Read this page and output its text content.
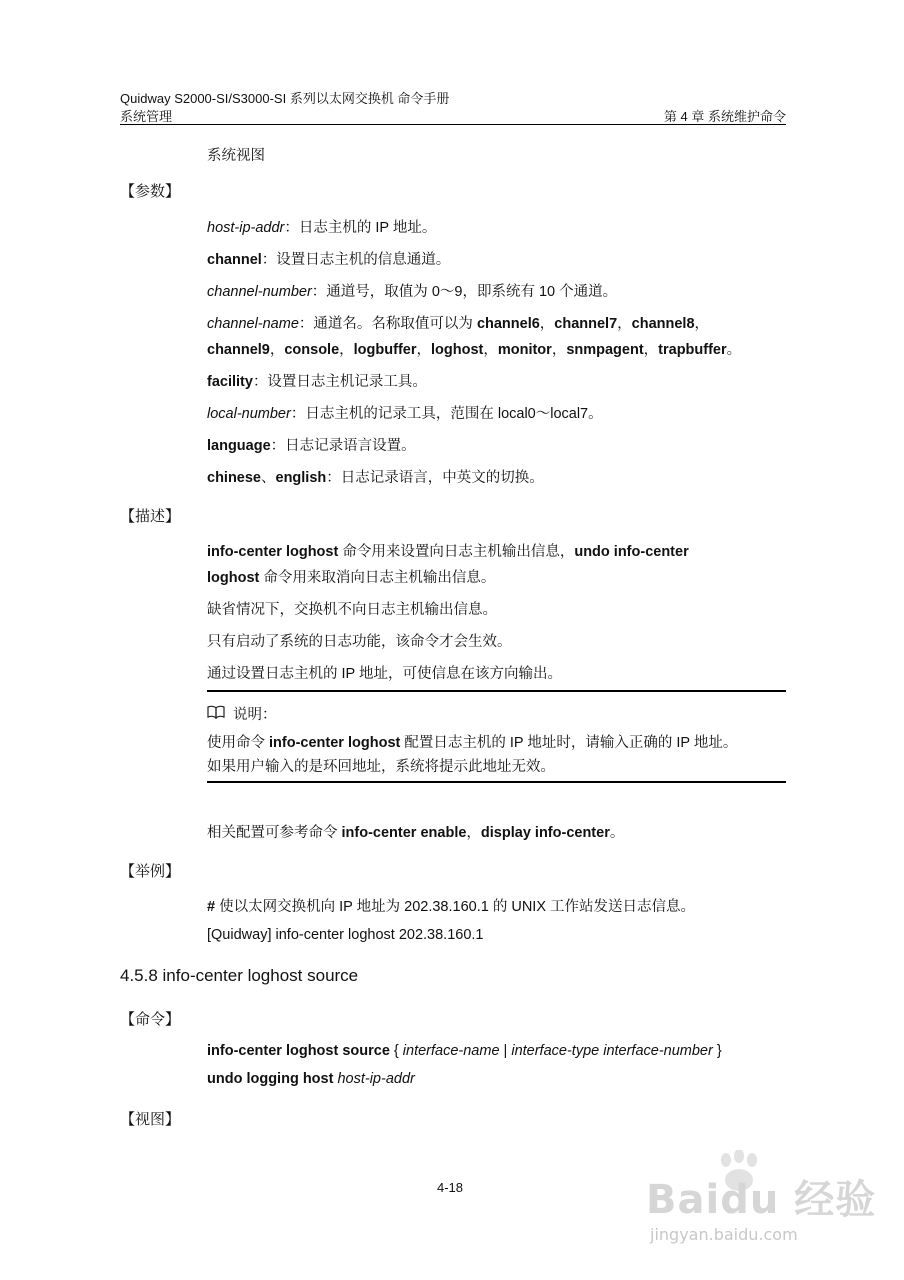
Quidway S2000-SI/S3000-SI 系列以太网交换机 命令手册
系统管理	第 4 章 系统维护命令
系统视图
【参数】
host-ip-addr：日志主机的 IP 地址。
channel：设置日志主机的信息通道。
channel-number：通道号，取值为 0～9，即系统有 10 个通道。
channel-name：通道名。名称取值可以为 channel6，channel7，channel8，
channel9，console，logbuffer，loghost，monitor，snmpagent，trapbuffer。
facility：设置日志主机记录工具。
local-number：日志主机的记录工具，范围在 local0～local7。
language：日志记录语言设置。
chinese、english：日志记录语言，中英文的切换。
【描述】
info-center loghost 命令用来设置向日志主机输出信息，undo info-center
loghost 命令用来取消向日志主机输出信息。
缺省情况下，交换机不向日志主机输出信息。
只有启动了系统的日志功能，该命令才会生效。
通过设置日志主机的 IP 地址，可使信息在该方向输出。
说明：
使用命令 info-center loghost 配置日志主机的 IP 地址时，请输入正确的 IP 地址。
如果用户输入的是环回地址，系统将提示此地址无效。
相关配置可参考命令 info-center enable，display info-center。
【举例】
# 使以太网交换机向 IP 地址为 202.38.160.1 的 UNIX 工作站发送日志信息。
[Quidway] info-center loghost 202.38.160.1
4.5.8 info-center loghost source
【命令】
info-center loghost source { interface-name | interface-type interface-number }
undo logging host host-ip-addr
【视图】
4-18	Baidu 经验
jingyan.baidu.com
